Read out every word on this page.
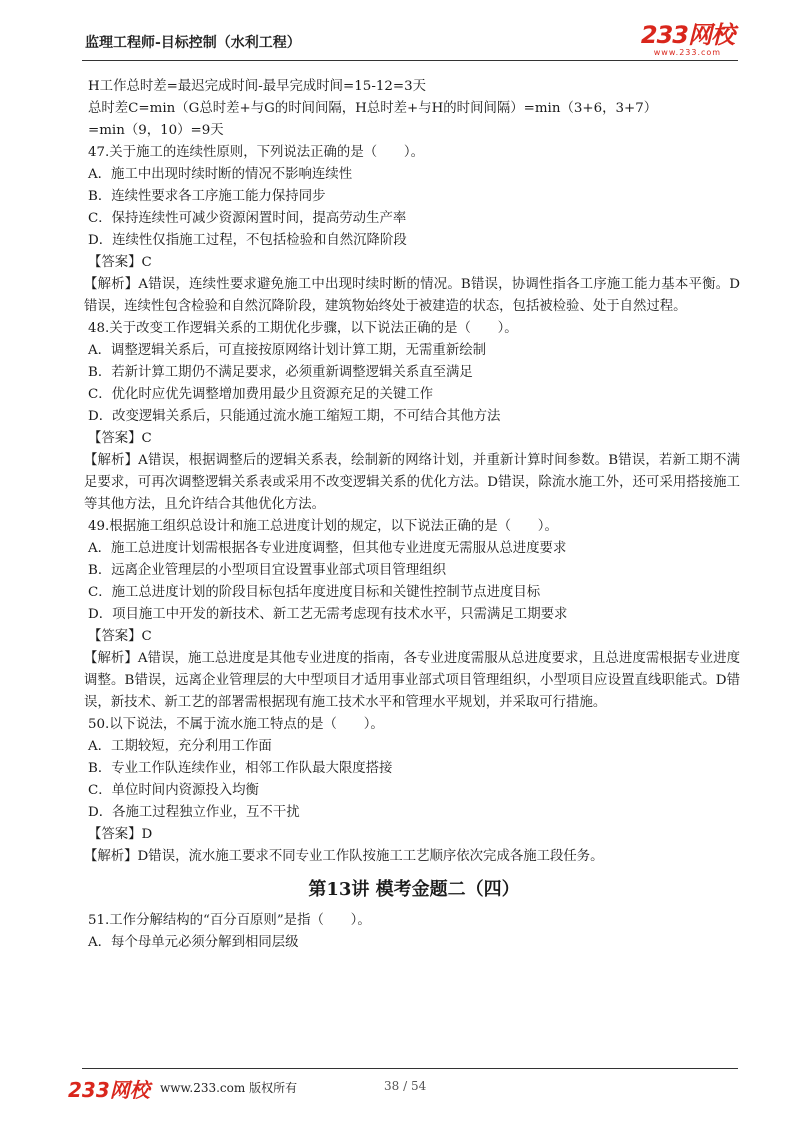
监理工程师-目标控制（水利工程）	233网校
www.233.com
H工作总时差=最迟完成时间-最早完成时间=15-12=3天
总时差C=min（G总时差+与G的时间间隔，H总时差+与H的时间间隔）=min（3+6，3+7）
=min（9，10）=9天
47.关于施工的连续性原则，下列说法正确的是（　　）。
A．施工中出现时续时断的情况不影响连续性
B．连续性要求各工序施工能力保持同步
C．保持连续性可减少资源闲置时间，提高劳动生产率
D．连续性仅指施工过程，不包括检验和自然沉降阶段
【答案】C
【解析】A错误，连续性要求避免施工中出现时续时断的情况。B错误，协调性指各工序施工能力基本平衡。D错误，连续性包含检验和自然沉降阶段，建筑物始终处于被建造的状态，包括被检验、处于自然过程。
48.关于改变工作逻辑关系的工期优化步骤，以下说法正确的是（　　）。
A．调整逻辑关系后，可直接按原网络计划计算工期，无需重新绘制
B．若新计算工期仍不满足要求，必须重新调整逻辑关系直至满足
C．优化时应优先调整增加费用最少且资源充足的关键工作
D．改变逻辑关系后，只能通过流水施工缩短工期，不可结合其他方法
【答案】C
【解析】A错误，根据调整后的逻辑关系表，绘制新的网络计划，并重新计算时间参数。B错误，若新工期不满足要求，可再次调整逻辑关系表或采用不改变逻辑关系的优化方法。D错误，除流水施工外，还可采用搭接施工等其他方法，且允许结合其他优化方法。
49.根据施工组织总设计和施工总进度计划的规定，以下说法正确的是（　　）。
A．施工总进度计划需根据各专业进度调整，但其他专业进度无需服从总进度要求
B．远离企业管理层的小型项目宜设置事业部式项目管理组织
C．施工总进度计划的阶段目标包括年度进度目标和关键性控制节点进度目标
D．项目施工中开发的新技术、新工艺无需考虑现有技术水平，只需满足工期要求
【答案】C
【解析】A错误，施工总进度是其他专业进度的指南，各专业进度需服从总进度要求，且总进度需根据专业进度调整。B错误，远离企业管理层的大中型项目才适用事业部式项目管理组织，小型项目应设置直线职能式。D错误，新技术、新工艺的部署需根据现有施工技术水平和管理水平规划，并采取可行措施。
50.以下说法，不属于流水施工特点的是（　　）。
A．工期较短，充分利用工作面
B．专业工作队连续作业，相邻工作队最大限度搭接
C．单位时间内资源投入均衡
D．各施工过程独立作业，互不干扰
【答案】D
【解析】D错误，流水施工要求不同专业工作队按施工工艺顺序依次完成各施工段任务。
第13讲 模考金题二（四）
51.工作分解结构的“百分百原则”是指（　　）。
A．每个母单元必须分解到相同层级
233网校 www.233.com 版权所有	38 / 54
